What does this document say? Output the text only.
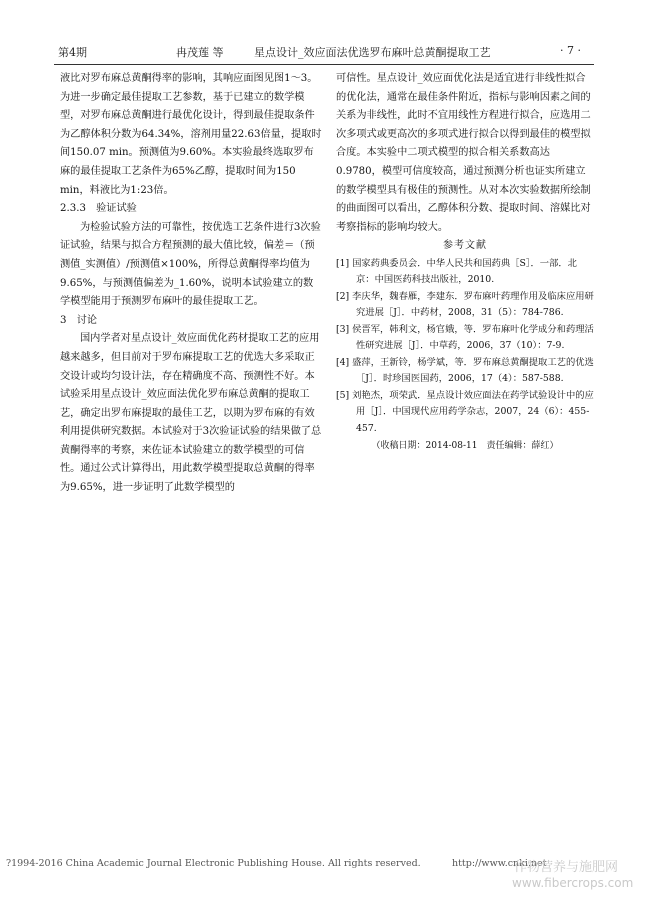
第4期	冉茂莲 等	星点设计_效应面法优选罗布麻叶总黄酮提取工艺	· 7 ·

液比对罗布麻总黄酮得率的影响，其响应面图见图1～3。为进一步确定最佳提取工艺参数，基于已建立的数学模型，对罗布麻总黄酮进行最优化设计，得到最佳提取条件为乙醇体积分数为64.34%，溶剂用量22.63倍量，提取时间150.07 min。预测值为9.60%。本实验最终选取罗布麻的最佳提取工艺条件为65%乙醇，提取时间为150 min，料液比为1:23倍。

2.3.3　验证试验

为检验试验方法的可靠性，按优选工艺条件进行3次验证试验，结果与拟合方程预测的最大值比较，偏差＝（预测值_实测值）/预测值×100%，所得总黄酮得率均值为9.65%，与预测值偏差为_1.60%，说明本试验建立的数学模型能用于预测罗布麻叶的最佳提取工艺。

3　讨论

国内学者对星点设计_效应面优化药材提取工艺的应用越来越多，但目前对于罗布麻提取工艺的优选大多采取正交设计或均匀设计法，存在精确度不高、预测性不好。本试验采用星点设计_效应面法优化罗布麻总黄酮的提取工艺，确定出罗布麻提取的最佳工艺，以期为罗布麻的有效利用提供研究数据。本试验对于3次验证试验的结果做了总黄酮得率的考察，来佐证本试验建立的数学模型的可信性。通过公式计算得出，用此数学模型提取总黄酮的得率为9.65%，进一步证明了此数学模型的

可信性。星点设计_效应面优化法是适宜进行非线性拟合的优化法，通常在最佳条件附近，指标与影响因素之间的关系为非线性，此时不宜用线性方程进行拟合，应选用二次多项式或更高次的多项式进行拟合以得到最佳的模型拟合度。本实验中二项式模型的拟合相关系数高达0.9780，模型可信度较高，通过预测分析也证实所建立的数学模型具有极佳的预测性。从对本次实验数据所绘制的曲面图可以看出，乙醇体积分数、提取时间、溶媒比对考察指标的影响均较大。

参考文献

[1] 国家药典委员会．中华人民共和国药典［S］．一部．北京：中国医药科技出版社，2010.

[2] 李庆华，魏春雁，李建东．罗布麻叶药理作用及临床应用研究进展［J］．中药材，2008，31（5）：784-786.

[3] 侯晋军，韩利文，杨官娥，等．罗布麻叶化学成分和药理活性研究进展［J］．中草药，2006，37（10）：7-9.

[4] 盛萍，王新铃，杨学斌，等．罗布麻总黄酮提取工艺的优选［J］．时珍国医国药，2006，17（4）：587-588.

[5] 刘艳杰，项荣武．星点设计效应面法在药学试验设计中的应用［J］．中国现代应用药学杂志，2007，24（6）：455-457.

（收稿日期：2014-08-11　责任编辑：薛红）

?1994-2016 China Academic Journal Electronic Publishing House. All rights reserved.	http://www.cnki.net
作物营养与施肥网
www.fibercrops.com
